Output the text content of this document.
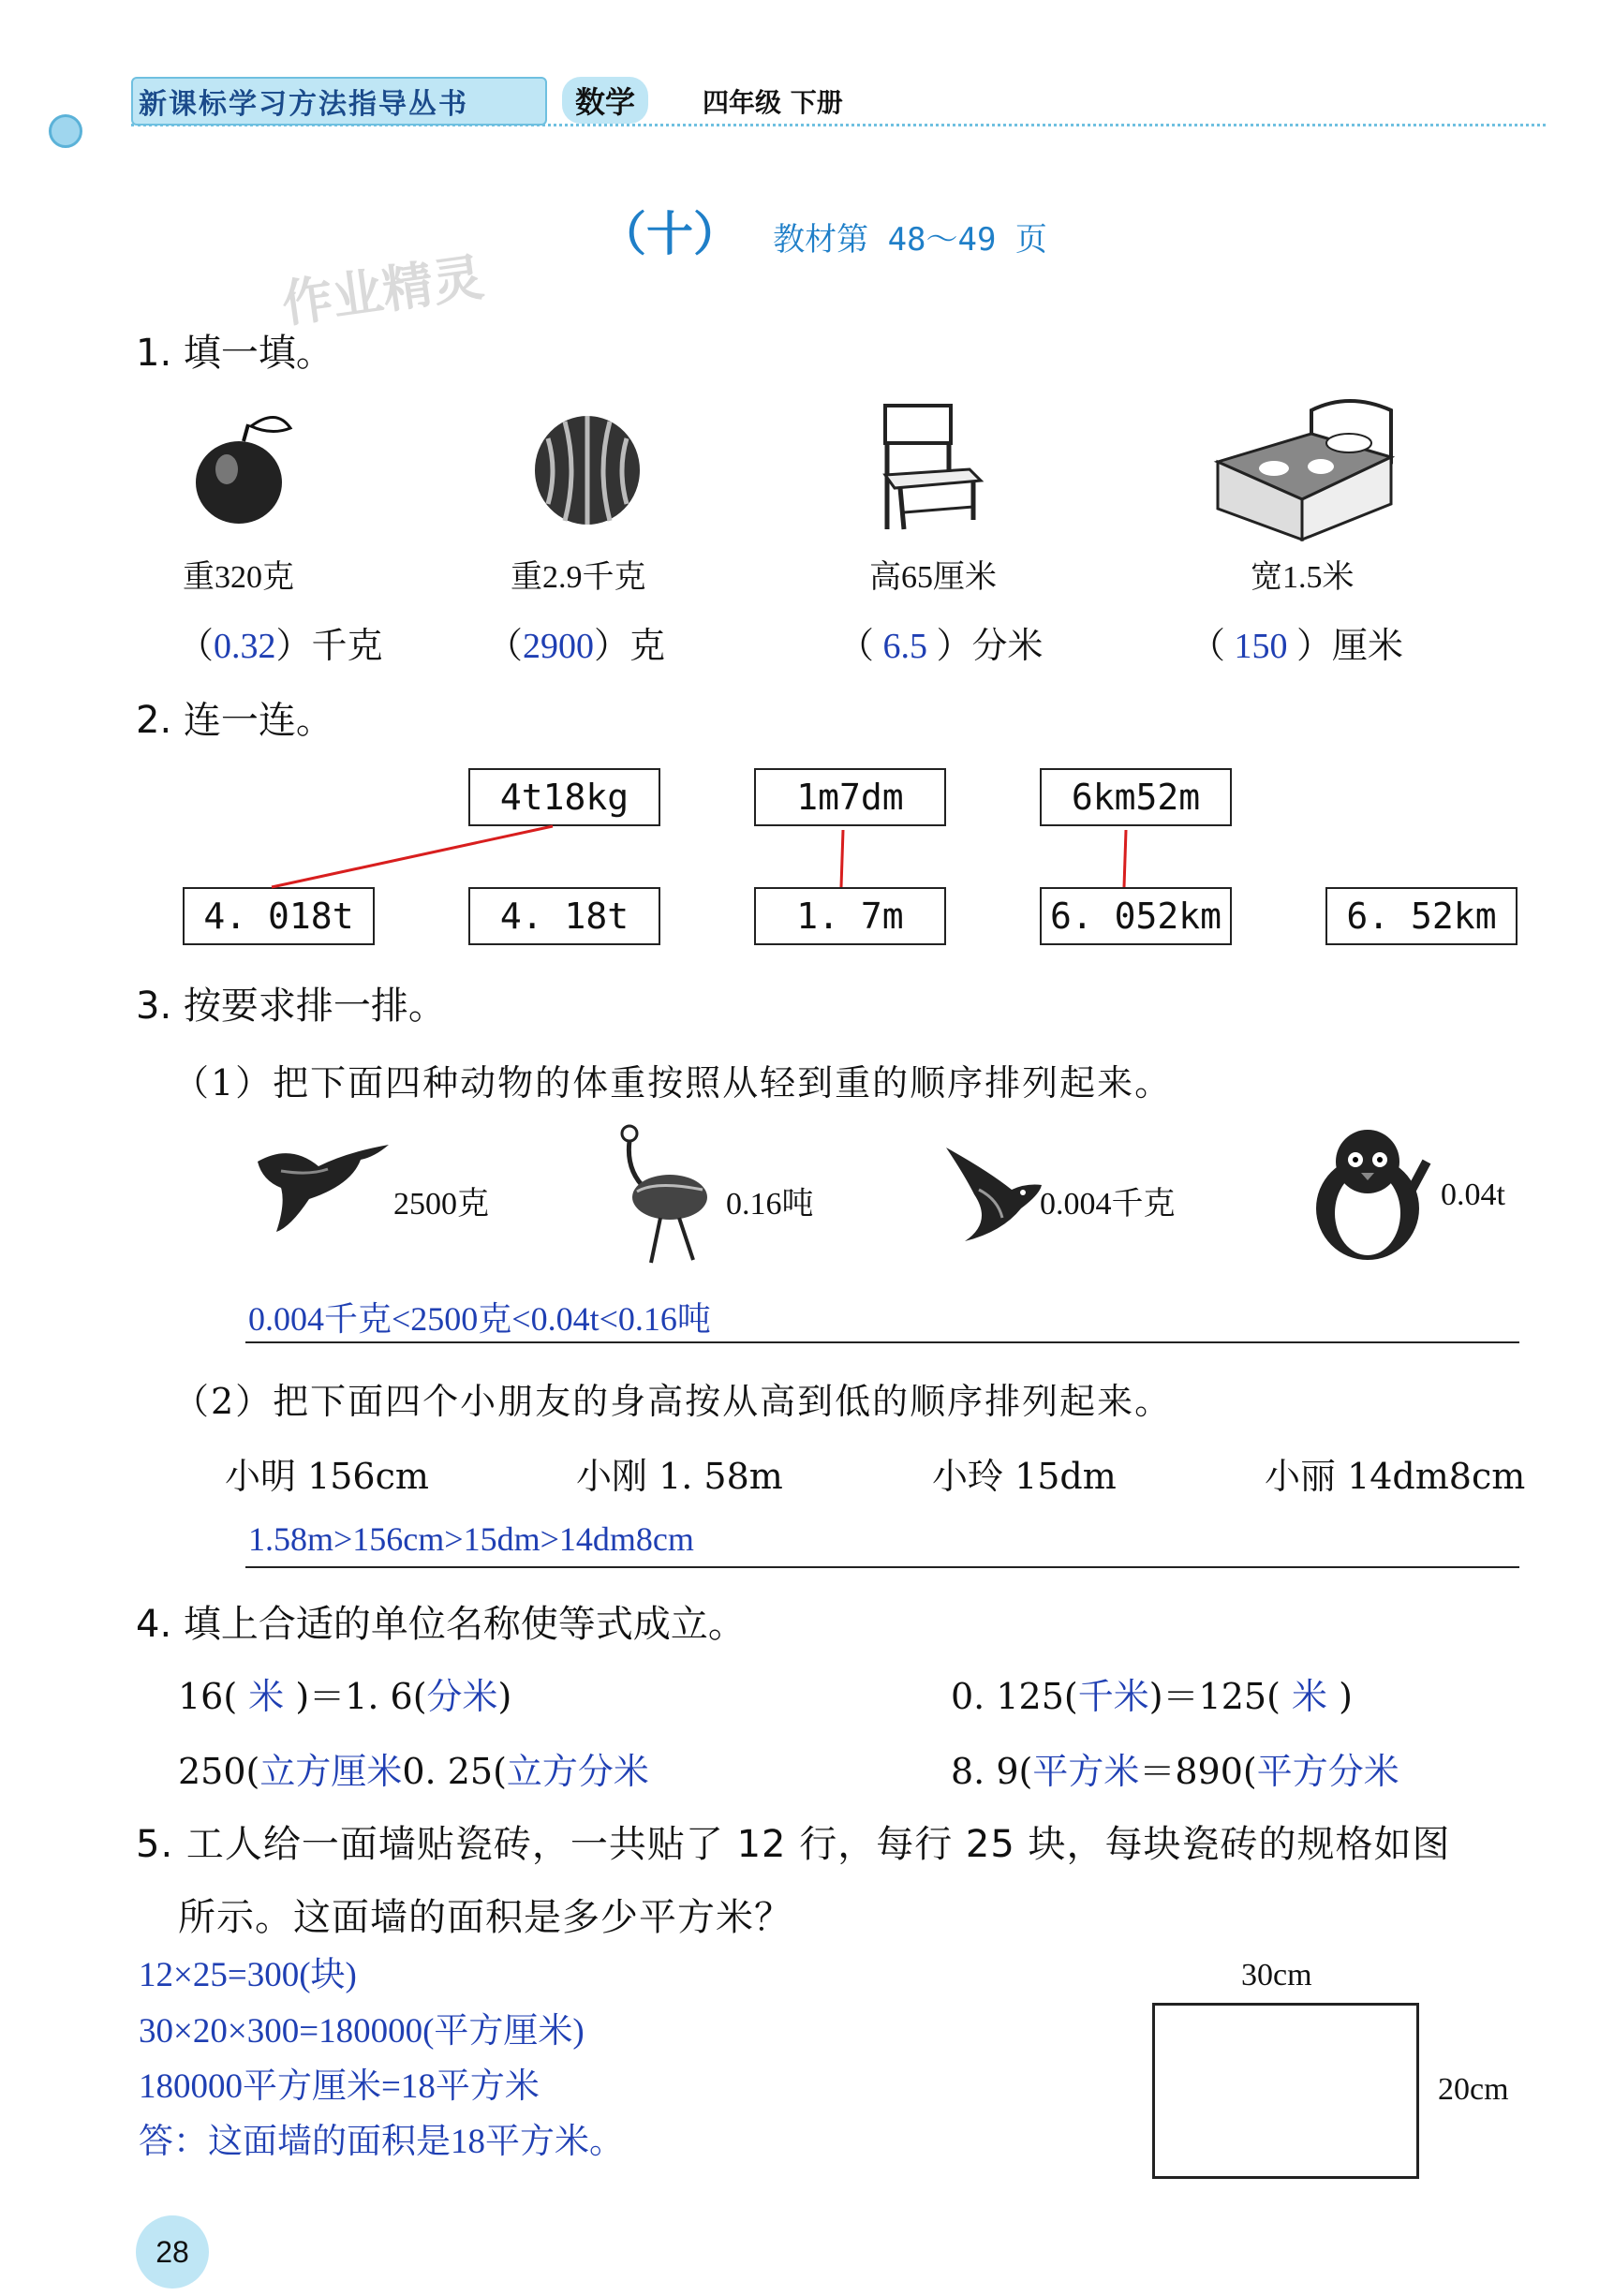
新课标学习方法指导丛书	数学	四年级 下册
（十） 教材第 48～49 页
作业精灵
1. 填一填。
重320克	重2.9千克	高65厘米	宽1.5米
（0.32）千克	（2900）克	（ 6.5 ）分米	（ 150 ）厘米
2. 连一连。
4t18kg	1m7dm	6km52m
4. 018t	4. 18t	1. 7m	6. 052km	6. 52km
3. 按要求排一排。
（1）把下面四种动物的体重按照从轻到重的顺序排列起来。
2500克	0.16吨	0.004千克	0.04t
0.004千克<2500克<0.04t<0.16吨
（2）把下面四个小朋友的身高按从高到低的顺序排列起来。
小明 156cm	小刚 1. 58m	小玲 15dm	小丽 14dm8cm
1.58m>156cm>15dm>14dm8cm
4. 填上合适的单位名称使等式成立。
16( 米 )＝1. 6(分米)	0. 125(千米)＝125( 米 )
250(立方厘米0. 25(立方分米	8. 9(平方米＝890(平方分米
5. 工人给一面墙贴瓷砖，一共贴了 12 行，每行 25 块，每块瓷砖的规格如图
所示。这面墙的面积是多少平方米？
12×25=300(块)
30×20×300=180000(平方厘米)
180000平方厘米=18平方米
答：这面墙的面积是18平方米。
30cm
20cm
28
